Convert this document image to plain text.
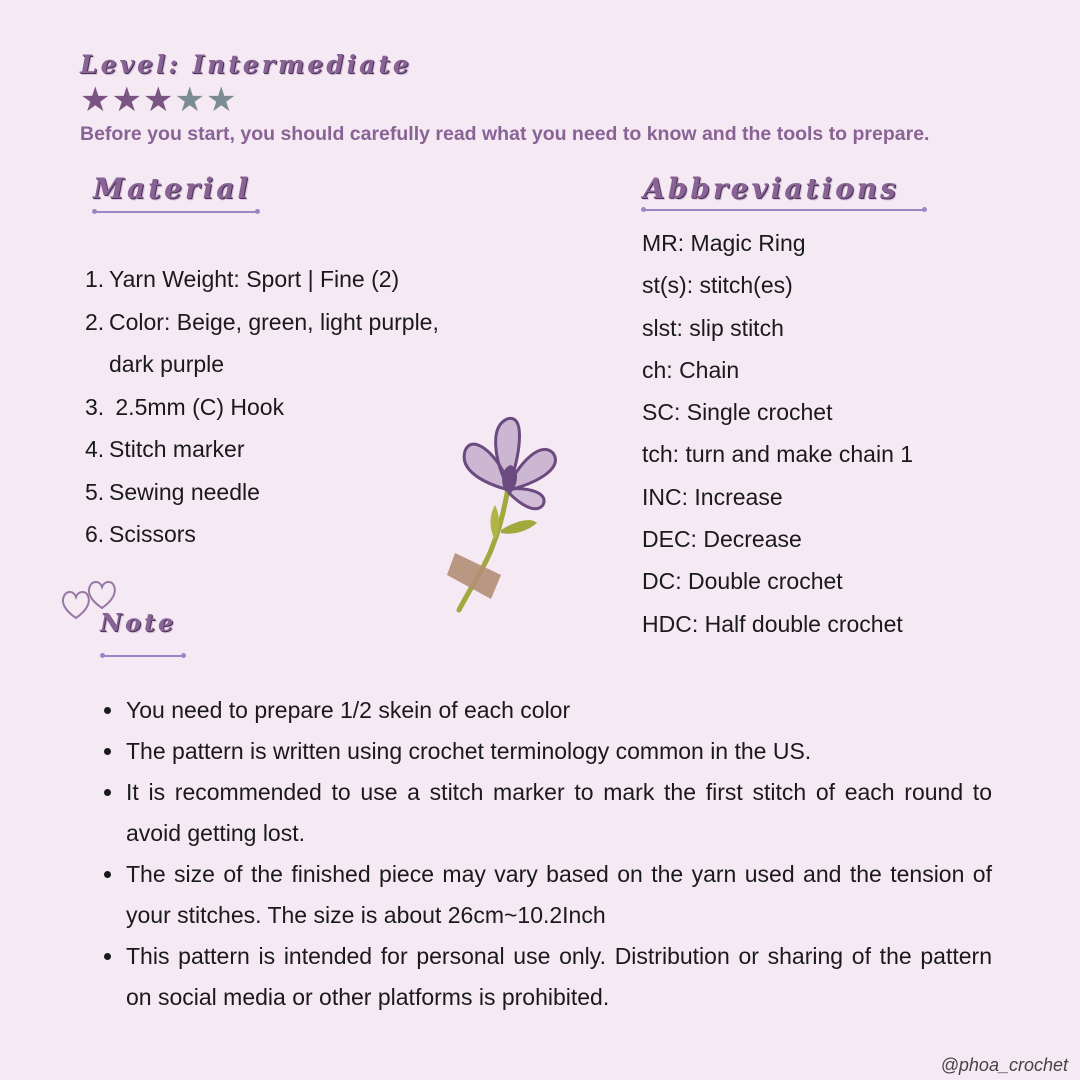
Level: Intermediate
★★★★★
Before you start, you should carefully read what you need to know and the tools to prepare.
Material
1. Yarn Weight: Sport | Fine (2)
2. Color: Beige, green, light purple, dark purple
3. 2.5mm (C) Hook
4. Stitch marker
5. Sewing needle
6. Scissors
Abbreviations
MR: Magic Ring
st(s): stitch(es)
slst: slip stitch
ch: Chain
SC: Single crochet
tch: turn and make chain 1
INC: Increase
DEC: Decrease
DC: Double crochet
HDC: Half double crochet
Note
You need to prepare 1/2 skein of each color
The pattern is written using crochet terminology common in the US.
It is recommended to use a stitch marker to mark the first stitch of each round to avoid getting lost.
The size of the finished piece may vary based on the yarn used and the tension of your stitches. The size is about 26cm~10.2Inch
This pattern is intended for personal use only. Distribution or sharing of the pattern on social media or other platforms is prohibited.
@phoa_crochet
